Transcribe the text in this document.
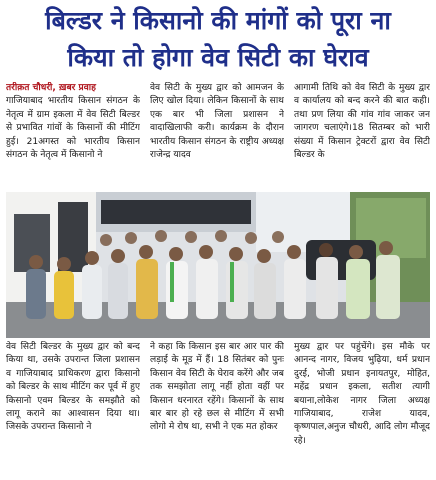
बिल्डर ने किसानो की मांगों को पूरा ना
किया तो होगा वेव सिटी का घेराव
तरीक़त चौधरी, ख़बर प्रवाह

गाजियाबाद भारतीय किसान संगठन के नेतृत्व में ग्राम इकला में वेव सिटी बिल्डर से प्रभावित गांवों के किसानों की मीटिंग हुई। 21अगस्त को भारतीय किसान संगठन के नेतृत्व में किसानो ने

वेव सिटी के मुख्य द्वार को आमजन के लिए खोल दिया। लेकिन किसानों के साथ एक बार भी जिला प्रशासन ने वादाखिलाफी करी। कार्यक्रम के दौरान भारतीय किसान संगठन के राष्ट्रीय अध्यक्ष राजेन्द्र यादव

आगामी तिथि को वेव सिटी के मुख्य द्वार व कार्यालय को बन्द करने की बात कही। तथा प्रण लिया की गांव गांव जाकर जन जागरण चलाएंगे।18 सितम्बर को भारी संख्या में किसान ट्रेक्टरों द्वारा वेव सिटी बिल्डर के

वेव सिटी बिल्डर के मुख्य द्वार को बन्द किया था, उसके उपरान्त जिला प्रशासन व गाजियाबाद प्राधिकरण द्वारा किसानो को बिल्डर के साथ मीटिंग कर पूर्व में हुए किसानो एवम बिल्डर के समझौते को लागू कराने का आश्वासन दिया था। जिसके उपरान्त किसानो ने

ने कहा कि किसान इस बार आर पार की लड़ाई के मूड में हैं। 18 सितंबर को पुनः किसान वेव सिटी के घेराव करेंगे और जब तक समझोता लागू नहीं होता वहीं पर किसान धरनारत रहेंगे। किसानों के साथ बार बार हो रहे छल से मीटिंग में सभी लोगो मे रोष था, सभी ने एक मत होकर

मुख्य द्वार पर पहुंचेंगे। इस मौके पर आनन्द नागर, विजय भुढ़िया, धर्म प्रधान दुरई, भोजी प्रधान इनायतपुर, मोहित, महेंद्र प्रधान इकला, सतीश त्यागी बयाना,लोकेश नागर जिला अध्यक्ष गाजियाबाद, राजेश यादव, कृष्णपाल,अनुज चौधरी, आदि लोग मौजूद रहे।
